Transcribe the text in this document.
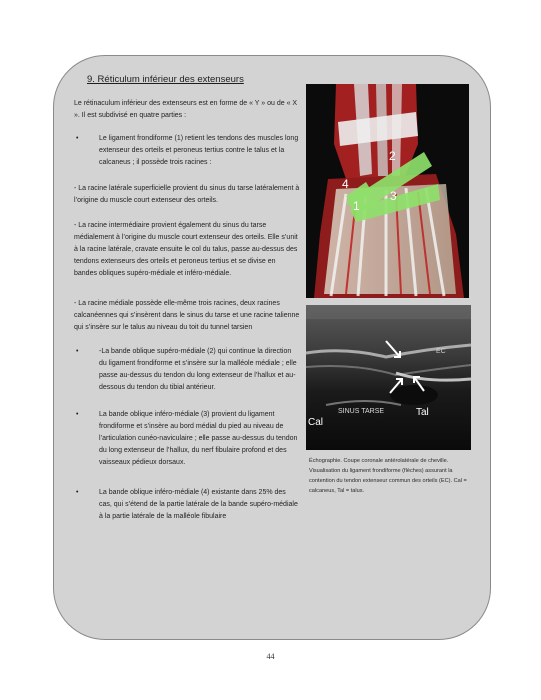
9. Réticulum inférieur des extenseurs
Le rétinaculum inférieur des extenseurs est en forme de « Y » ou de « X ». Il est subdivisé en quatre parties :
•	Le ligament frondiforme (1) retient les tendons des muscles long extenseur des orteils et peroneus tertius contre le talus et la calcaneus ; il possède trois racines :
- La racine latérale superficielle provient du sinus du tarse latéralement à l’origine du muscle court extenseur des orteils.
- La racine intermédiaire provient également du sinus du tarse médialement à l’origine du muscle court extenseur des orteils. Elle s’unit à la racine latérale, cravate ensuite le col du talus, passe au-dessus des tendons extenseurs des orteils et peroneus tertius et se divise en bandes obliques supéro-médiale et inféro-médiale.
- La racine médiale possède elle-même trois racines, deux racines calcanéennes qui s’insèrent dans le sinus du tarse et une racine talienne qui s’insère sur le talus au niveau du toit du tunnel tarsien
•	-La bande oblique supéro-médiale (2) qui continue la direction du ligament frondiforme et s’insère sur la malléole médiale ; elle passe au-dessus du tendon du long extenseur de l’hallux et au-dessous du tendon du tibial antérieur.
•	La bande oblique inféro-médiale (3) provient du ligament frondiforme et s’insère au bord médial du pied au niveau de l’articulation cunéo-naviculaire ; elle passe au-dessus du tendon du long extenseur de l’hallux, du nerf fibulaire profond et des vaisseaux pédieux dorsaux.
•	La bande oblique inféro-médiale (4) existante dans 25% des cas, qui s’étend de la partie latérale de la bande supéro-médiale à la partie latérale de la malléole fibulaire
2
3
4
1
EC
Cal
SINUS TARSE	Tal
Échographie. Coupe coronale antérolatérale de cheville. Visualisation du ligament frondiforme (flèches) assurant la contention du tendon extenseur commun des orteils (EC). Cal = calcaneus, Tal = talus.
44
